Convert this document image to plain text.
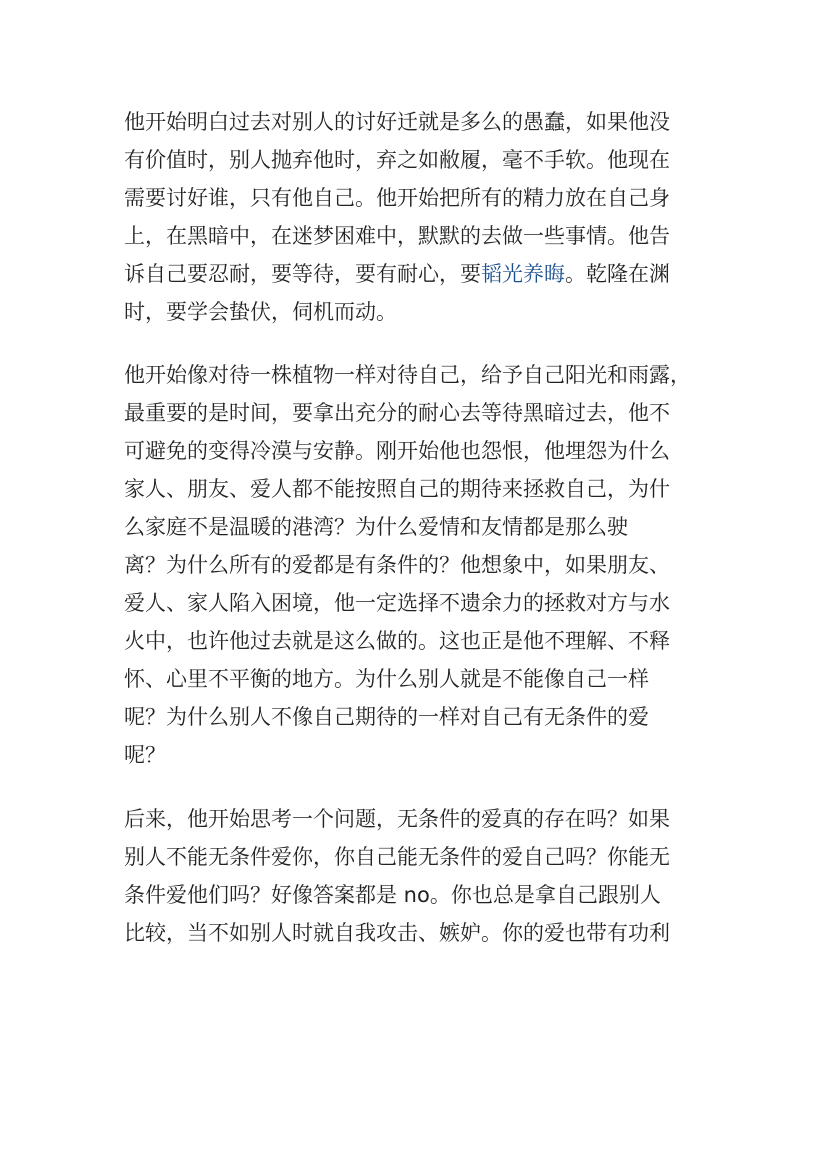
他开始明白过去对别人的讨好迁就是多么的愚蠢，如果他没
有价值时，别人抛弃他时，弃之如敝履，毫不手软。他现在
需要讨好谁，只有他自己。他开始把所有的精力放在自己身
上，在黑暗中，在迷梦困难中，默默的去做一些事情。他告
诉自己要忍耐，要等待，要有耐心，要韬光养晦。乾隆在渊
时，要学会蛰伏，伺机而动。
他开始像对待一株植物一样对待自己，给予自己阳光和雨露，
最重要的是时间，要拿出充分的耐心去等待黑暗过去，他不
可避免的变得冷漠与安静。刚开始他也怨恨，他埋怨为什么
家人、朋友、爱人都不能按照自己的期待来拯救自己，为什
么家庭不是温暖的港湾？为什么爱情和友情都是那么驶
离？为什么所有的爱都是有条件的？他想象中，如果朋友、
爱人、家人陷入困境，他一定选择不遗余力的拯救对方与水
火中，也许他过去就是这么做的。这也正是他不理解、不释
怀、心里不平衡的地方。为什么别人就是不能像自己一样
呢？为什么别人不像自己期待的一样对自己有无条件的爱
呢？
后来，他开始思考一个问题，无条件的爱真的存在吗？如果
别人不能无条件爱你，你自己能无条件的爱自己吗？你能无
条件爱他们吗？好像答案都是 no。你也总是拿自己跟别人
比较，当不如别人时就自我攻击、嫉妒。你的爱也带有功利
